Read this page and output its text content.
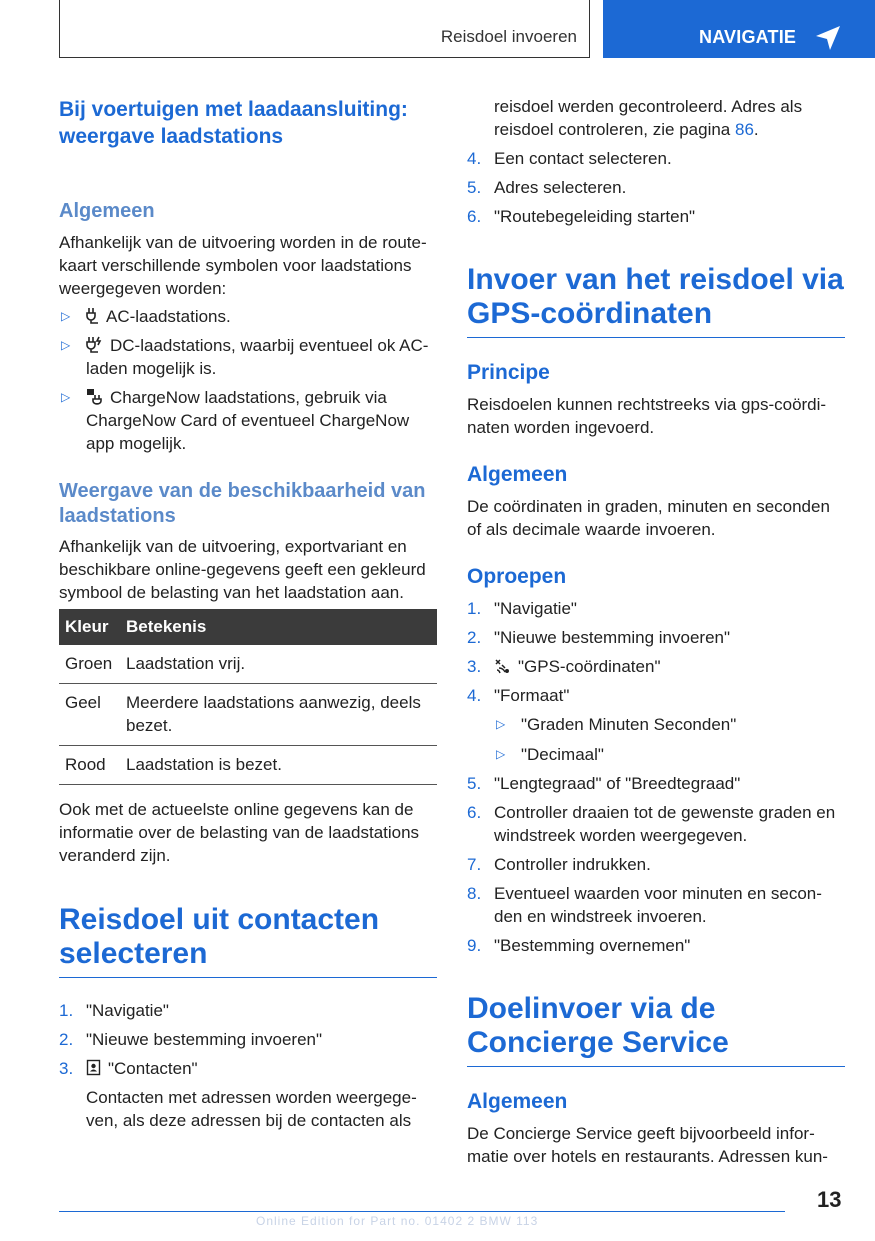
Reisdoel invoeren	NAVIGATIE
Bij voertuigen met laadaansluiting: weergave laadstations
Algemeen

Afhankelijk van de uitvoering worden in de route-kaart verschillende symbolen voor laadstations weergegeven worden:

▷ AC-laadstations.
▷ DC-laadstations, waarbij eventueel ok AC-laden mogelijk is.
▷ ChargeNow laadstations, gebruik via ChargeNow Card of eventueel ChargeNow app mogelijk.
Weergave van de beschikbaarheid van laadstations

Afhankelijk van de uitvoering, exportvariant en beschikbare online-gegevens geeft een gekleurd symbool de belasting van het laadstation aan.

Kleur	Betekenis
Groen	Laadstation vrij.
Geel	Meerdere laadstations aanwezig, deels bezet.
Rood	Laadstation is bezet.

Ook met de actueelste online gegevens kan de informatie over de belasting van de laadstations veranderd zijn.

Reisdoel uit contacten selecteren
1. "Navigatie"
2. "Nieuwe bestemming invoeren"
3. "Contacten"
Contacten met adressen worden weergege-ven, als deze adressen bij de contacten als

reisdoel werden gecontroleerd. Adres als
reisdoel controleren, zie pagina 86.

4. Een contact selecteren.
5. Adres selecteren.
6. "Routebegeleiding starten"
Invoer van het reisdoel via GPS-coördinaten
Principe

Reisdoelen kunnen rechtstreeks via gps-coördi-naten worden ingevoerd.

Algemeen

De coördinaten in graden, minuten en seconden of als decimale waarde invoeren.

Oproepen
1. "Navigatie"
2. "Nieuwe bestemming invoeren"
3. "GPS-coördinaten"
4. "Formaat"
▷ "Graden Minuten Seconden"
▷ "Decimaal"
5. "Lengtegraad" of "Breedtegraad"
6. Controller draaien tot de gewenste graden en windstreek worden weergegeven.
7. Controller indrukken.
8. Eventueel waarden voor minuten en secon-den en windstreek invoeren.
9. "Bestemming overnemen"
Doelinvoer via de Concierge Service
Algemeen

De Concierge Service geeft bijvoorbeeld infor-matie over hotels en restaurants. Adressen kun-

Online Edition for Part no. 01402 2 BMW 113
13
